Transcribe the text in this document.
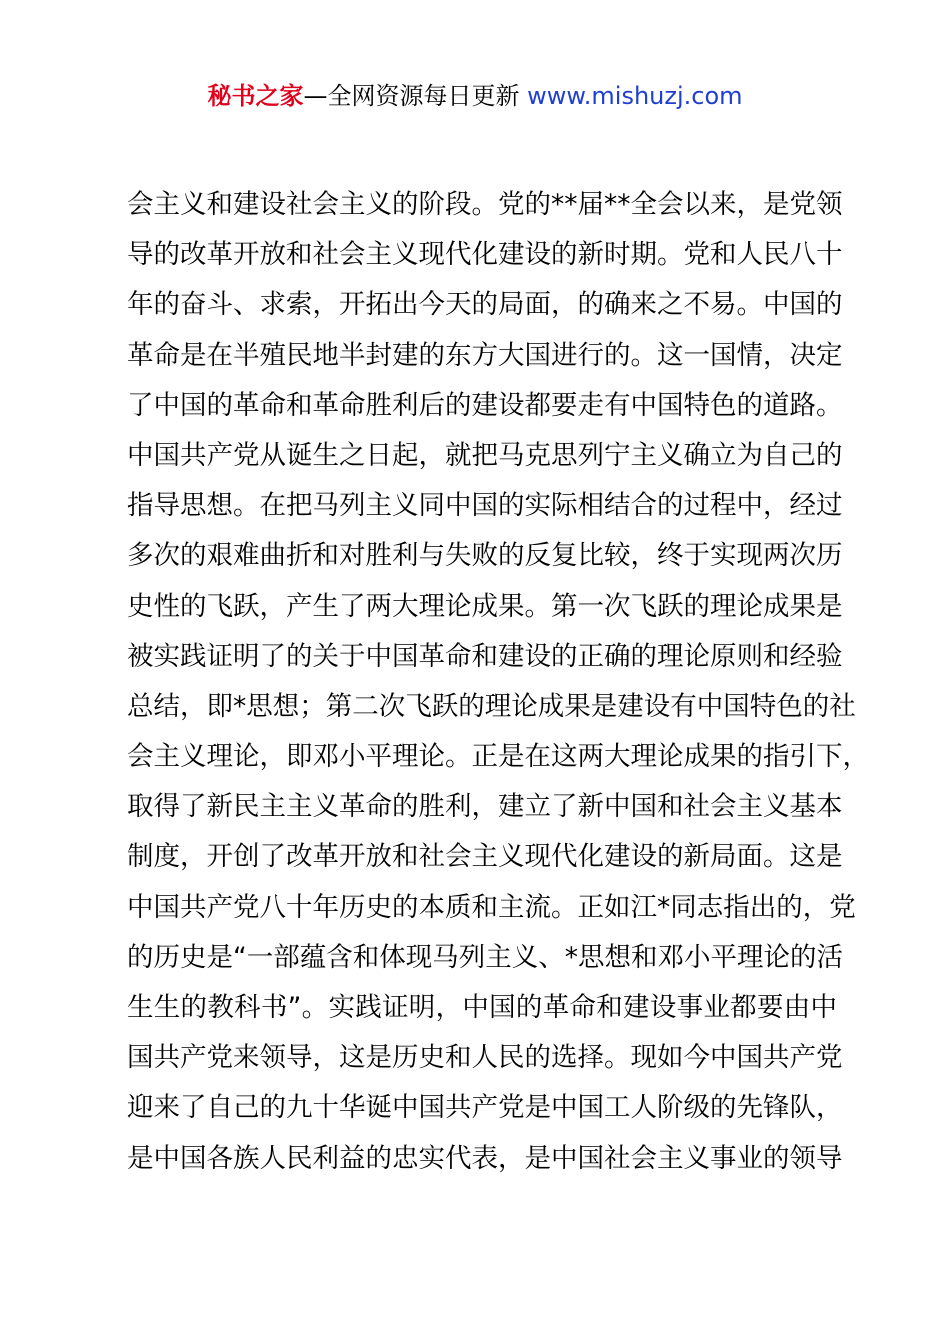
秘书之家—全网资源每日更新 www.mishuzj.com
会主义和建设社会主义的阶段。党的**届**全会以来，是党领
导的改革开放和社会主义现代化建设的新时期。党和人民八十
年的奋斗、求索，开拓出今天的局面，的确来之不易。中国的
革命是在半殖民地半封建的东方大国进行的。这一国情，决定
了中国的革命和革命胜利后的建设都要走有中国特色的道路。
中国共产党从诞生之日起，就把马克思列宁主义确立为自己的
指导思想。在把马列主义同中国的实际相结合的过程中，经过
多次的艰难曲折和对胜利与失败的反复比较，终于实现两次历
史性的飞跃，产生了两大理论成果。第一次飞跃的理论成果是
被实践证明了的关于中国革命和建设的正确的理论原则和经验
总结，即*思想；第二次飞跃的理论成果是建设有中国特色的社
会主义理论，即邓小平理论。正是在这两大理论成果的指引下，
取得了新民主主义革命的胜利，建立了新中国和社会主义基本
制度，开创了改革开放和社会主义现代化建设的新局面。这是
中国共产党八十年历史的本质和主流。正如江*同志指出的，党
的历史是“一部蕴含和体现马列主义、*思想和邓小平理论的活
生生的教科书”。实践证明，中国的革命和建设事业都要由中
国共产党来领导，这是历史和人民的选择。现如今中国共产党
迎来了自己的九十华诞中国共产党是中国工人阶级的先锋队，
是中国各族人民利益的忠实代表，是中国社会主义事业的领导
